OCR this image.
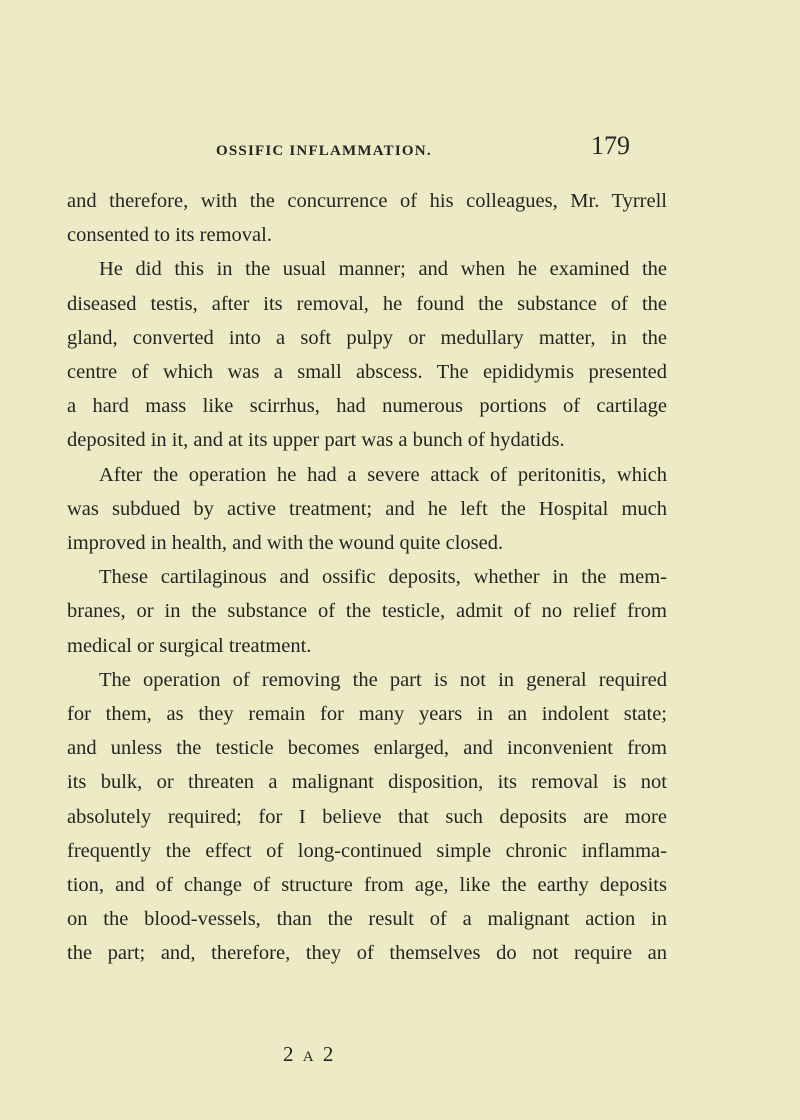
OSSIFIC INFLAMMATION.	179
and therefore, with the concurrence of his colleagues, Mr. Tyrrell
consented to its removal.
He did this in the usual manner; and when he examined the
diseased testis, after its removal, he found the substance of the
gland, converted into a soft pulpy or medullary matter, in the
centre of which was a small abscess. The epididymis presented
a hard mass like scirrhus, had numerous portions of cartilage
deposited in it, and at its upper part was a bunch of hydatids.
After the operation he had a severe attack of peritonitis, which
was subdued by active treatment; and he left the Hospital much
improved in health, and with the wound quite closed.
These cartilaginous and ossific deposits, whether in the mem-
branes, or in the substance of the testicle, admit of no relief from
medical or surgical treatment.
The operation of removing the part is not in general required
for them, as they remain for many years in an indolent state;
and unless the testicle becomes enlarged, and inconvenient from
its bulk, or threaten a malignant disposition, its removal is not
absolutely required; for I believe that such deposits are more
frequently the effect of long-continued simple chronic inflamma-
tion, and of change of structure from age, like the earthy deposits
on the blood-vessels, than the result of a malignant action in
the part; and, therefore, they of themselves do not require an
2 A 2
